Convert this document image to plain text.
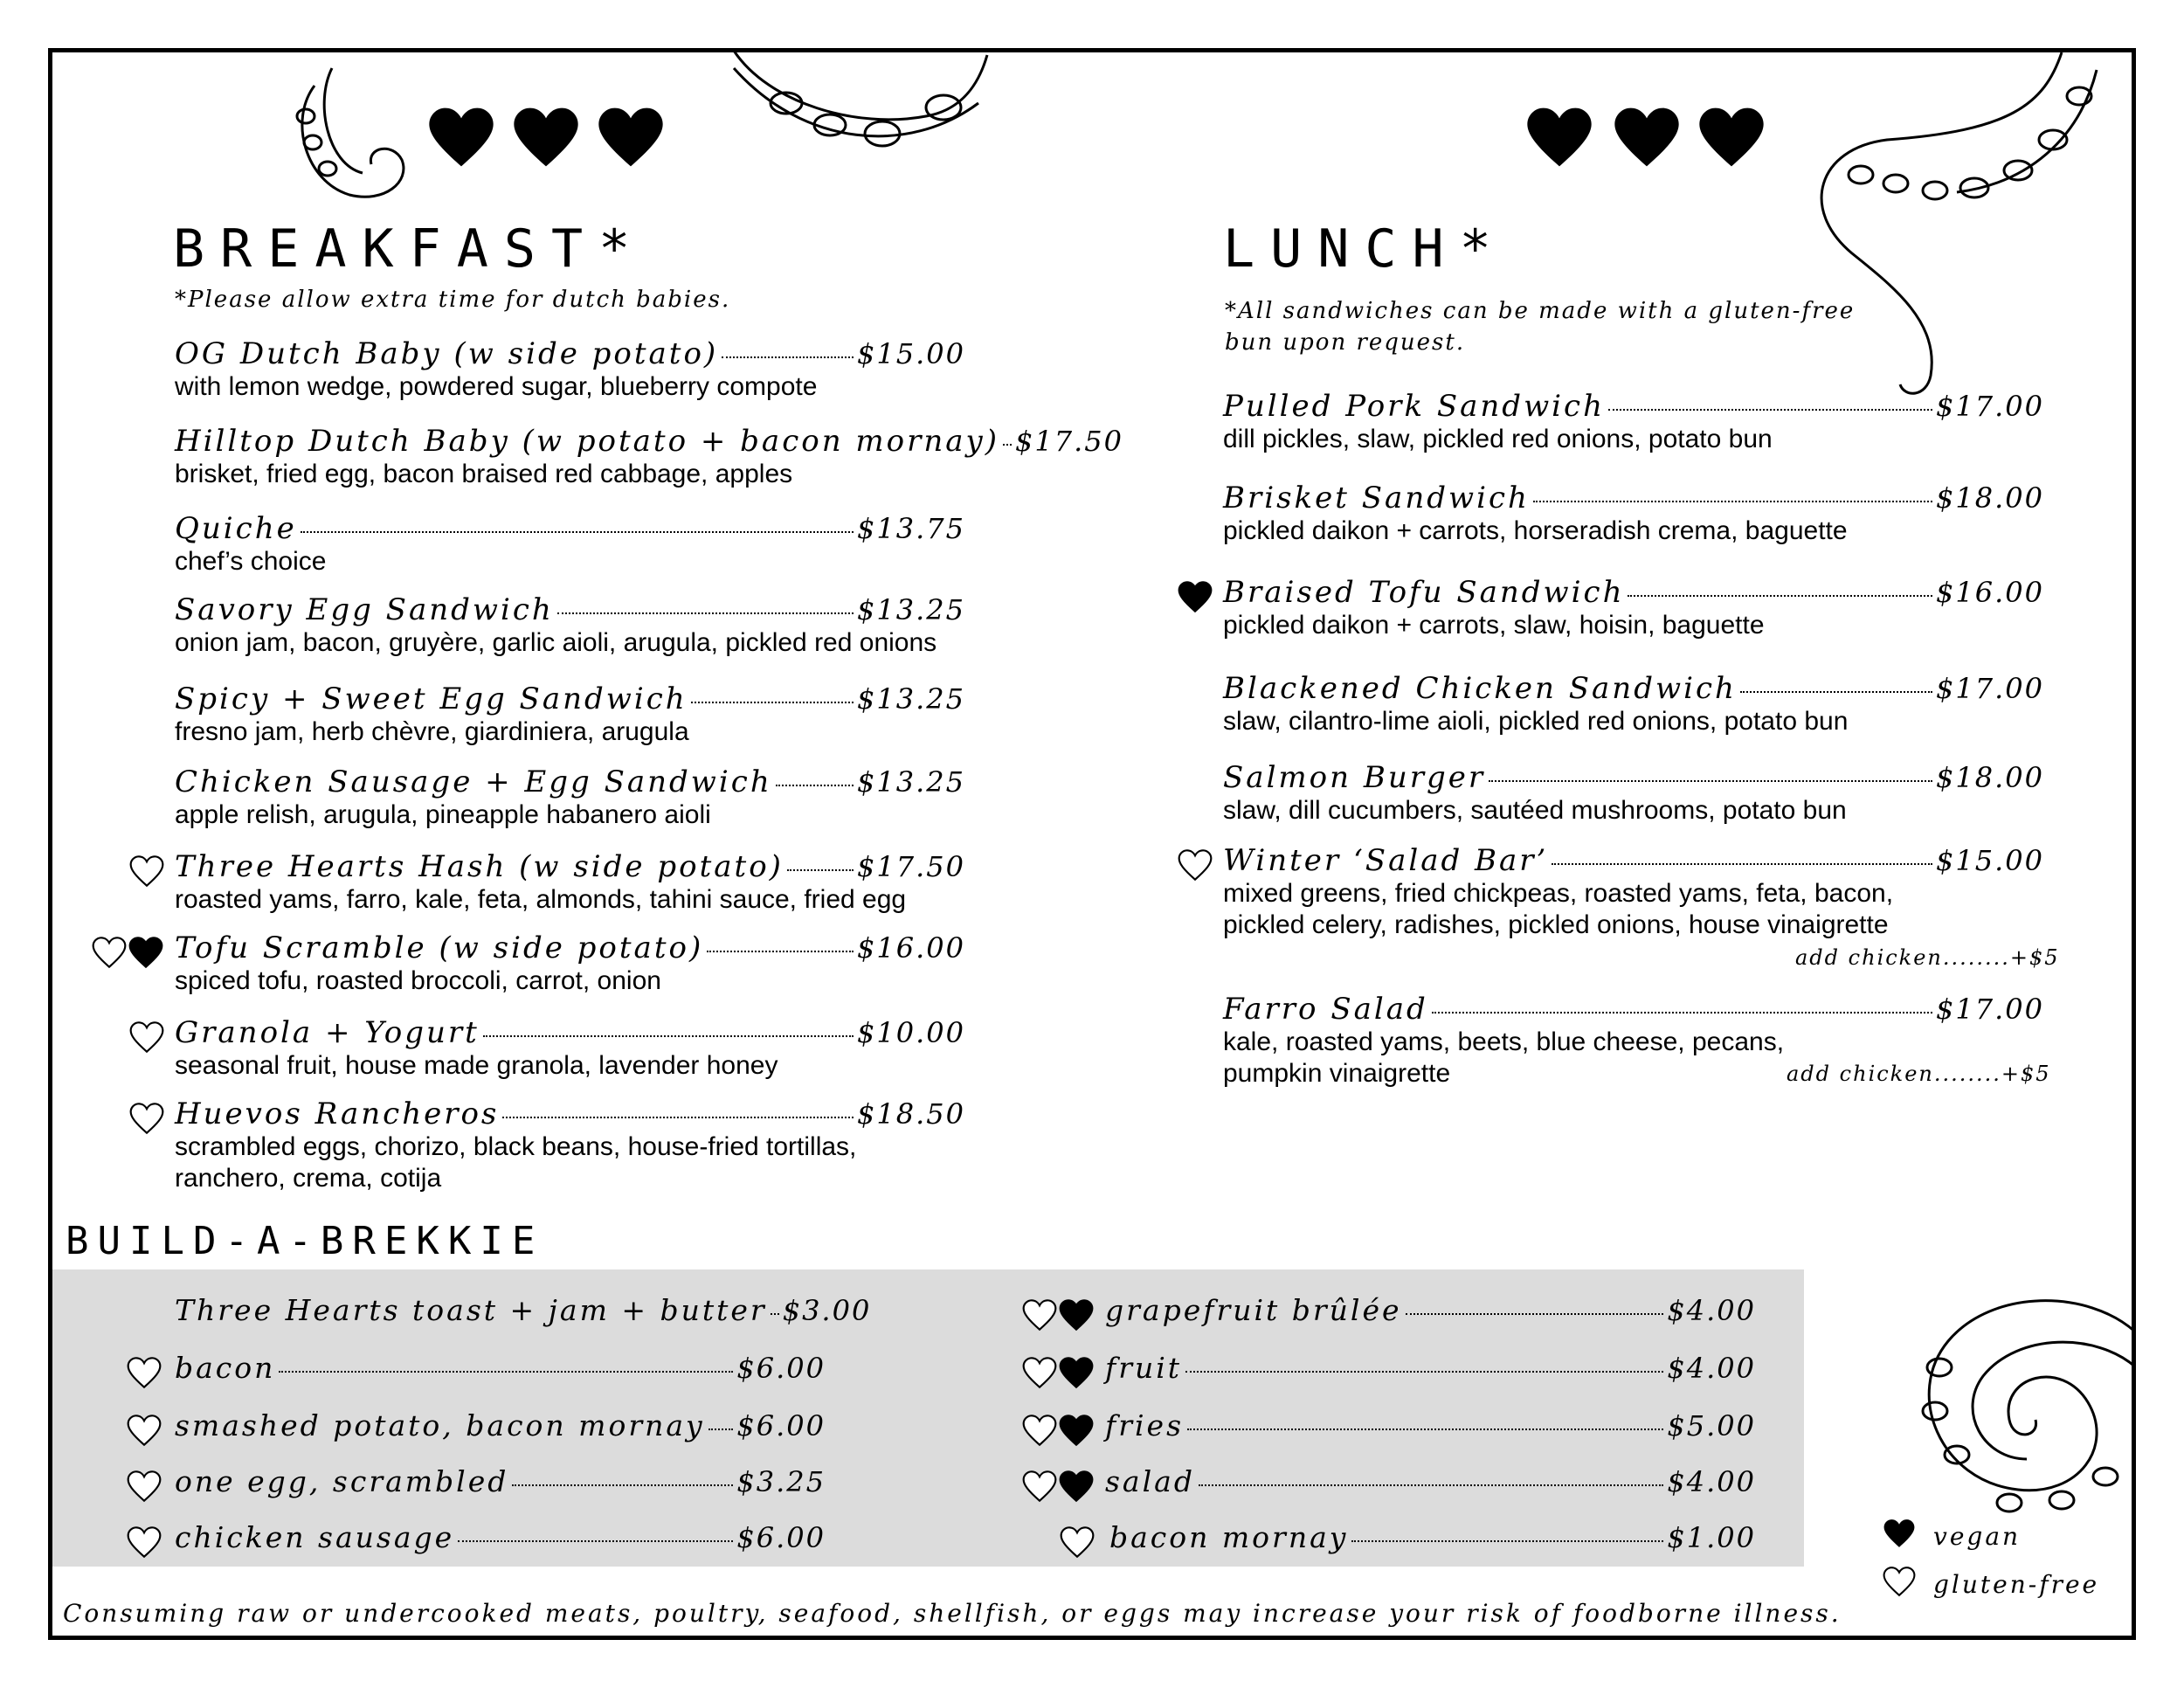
BREAKFAST*
*Please allow extra time for dutch babies.
OG Dutch Baby (w side potato)	$15.00
with lemon wedge, powdered sugar, blueberry compote
Hilltop Dutch Baby (w potato + bacon mornay) $17.50
brisket, fried egg, bacon braised red cabbage, apples
Quiche	$13.75
chef’s choice
Savory Egg Sandwich	$13.25
onion jam, bacon, gruyère, garlic aioli, arugula, pickled red onions
Spicy + Sweet Egg Sandwich	$13.25
fresno jam, herb chèvre, giardiniera, arugula
Chicken Sausage + Egg Sandwich	$13.25
apple relish, arugula, pineapple habanero aioli
Three Hearts Hash (w side potato)	$17.50
roasted yams, farro, kale, feta, almonds, tahini sauce, fried egg
Tofu Scramble (w side potato)	$16.00
spiced tofu, roasted broccoli, carrot, onion
Granola + Yogurt	$10.00
seasonal fruit, house made granola, lavender honey
Huevos Rancheros	$18.50
scrambled eggs, chorizo, black beans, house-fried tortillas,
ranchero, crema, cotija
LUNCH*
*All sandwiches can be made with a gluten-free
bun upon request.
Pulled Pork Sandwich	$17.00
dill pickles, slaw, pickled red onions, potato bun
Brisket Sandwich	$18.00
pickled daikon + carrots, horseradish crema, baguette
Braised Tofu Sandwich	$16.00
pickled daikon + carrots, slaw, hoisin, baguette
Blackened Chicken Sandwich	$17.00
slaw, cilantro-lime aioli, pickled red onions, potato bun
Salmon Burger	$18.00
slaw, dill cucumbers, sautéed mushrooms, potato bun
Winter ‘Salad Bar’	$15.00
mixed greens, fried chickpeas, roasted yams, feta, bacon,
pickled celery, radishes, pickled onions, house vinaigrette
Farro Salad	$17.00
kale, roasted yams, beets, blue cheese, pecans,
pumpkin vinaigrette
add chicken........+$5
add chicken........+$5
BUILD-A-BREKKIE
Three Hearts toast + jam + butter $3.00
bacon	$6.00
smashed potato, bacon mornay $6.00
one egg, scrambled	$3.25
chicken sausage	$6.00
grapefruit brûlée	$4.00
fruit	$4.00
fries	$5.00
salad	$4.00
bacon mornay	$1.00	vegan
gluten-free
Consuming raw or undercooked meats, poultry, seafood, shellfish, or eggs may increase your risk of foodborne illness.
